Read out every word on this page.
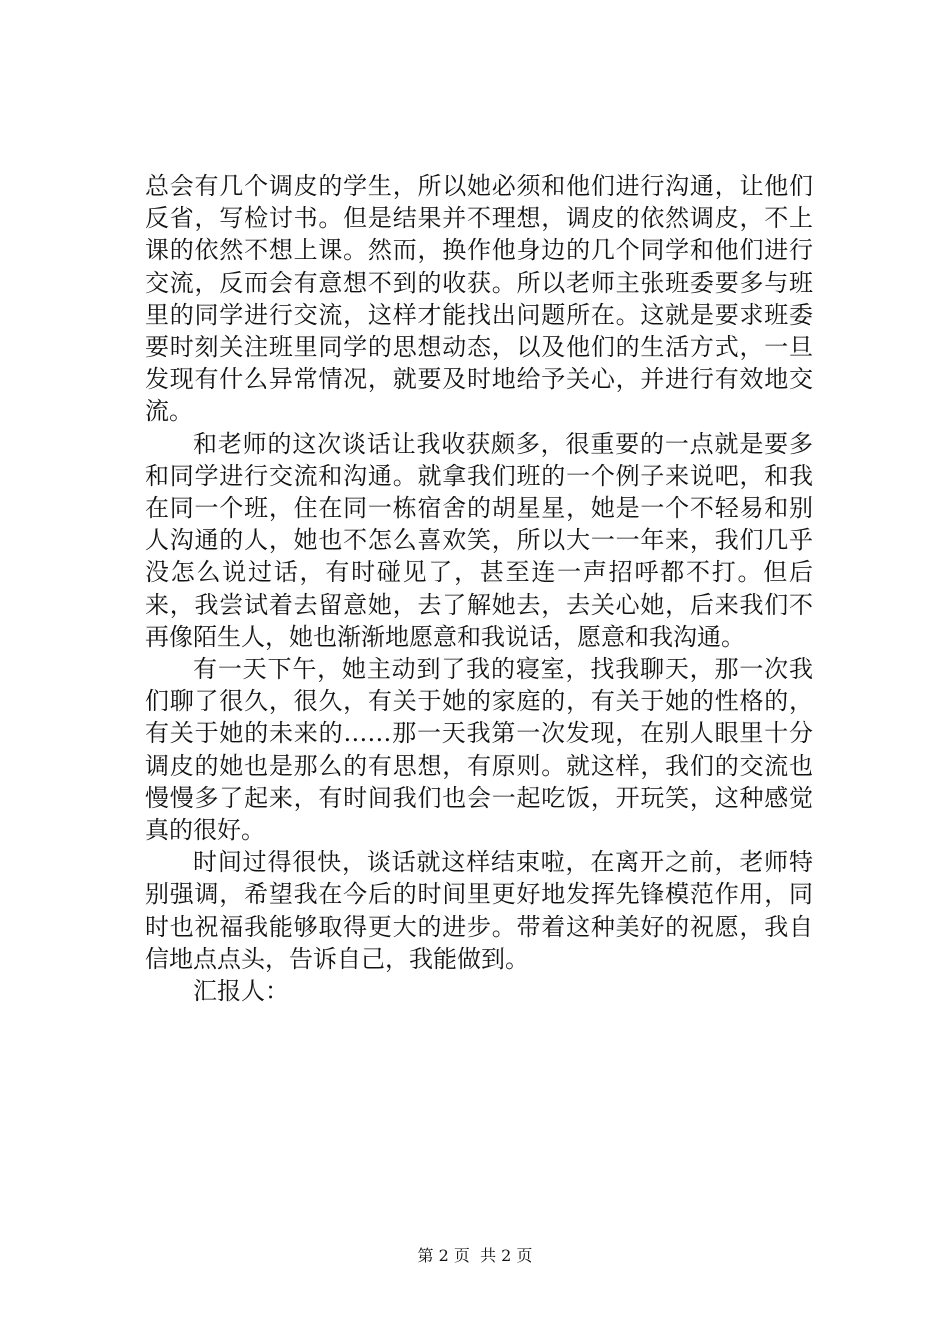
总会有几个调皮的学生，所以她必须和他们进行沟通，让他们反省，写检讨书。但是结果并不理想，调皮的依然调皮，不上课的依然不想上课。然而，换作他身边的几个同学和他们进行交流，反而会有意想不到的收获。所以老师主张班委要多与班里的同学进行交流，这样才能找出问题所在。这就是要求班委要时刻关注班里同学的思想动态，以及他们的生活方式，一旦发现有什么异常情况，就要及时地给予关心，并进行有效地交流。

和老师的这次谈话让我收获颇多，很重要的一点就是要多和同学进行交流和沟通。就拿我们班的一个例子来说吧，和我在同一个班，住在同一栋宿舍的胡星星，她是一个不轻易和别人沟通的人，她也不怎么喜欢笑，所以大一一年来，我们几乎没怎么说过话，有时碰见了，甚至连一声招呼都不打。但后来，我尝试着去留意她，去了解她去，去关心她，后来我们不再像陌生人，她也渐渐地愿意和我说话，愿意和我沟通。

有一天下午，她主动到了我的寝室，找我聊天，那一次我们聊了很久，很久，有关于她的家庭的，有关于她的性格的，有关于她的未来的……那一天我第一次发现，在别人眼里十分调皮的她也是那么的有思想，有原则。就这样，我们的交流也慢慢多了起来，有时间我们也会一起吃饭，开玩笑，这种感觉真的很好。

时间过得很快，谈话就这样结束啦，在离开之前，老师特别强调，希望我在今后的时间里更好地发挥先锋模范作用，同时也祝福我能够取得更大的进步。带着这种美好的祝愿，我自信地点点头，告诉自己，我能做到。

汇报人：

第 2 页  共 2 页
